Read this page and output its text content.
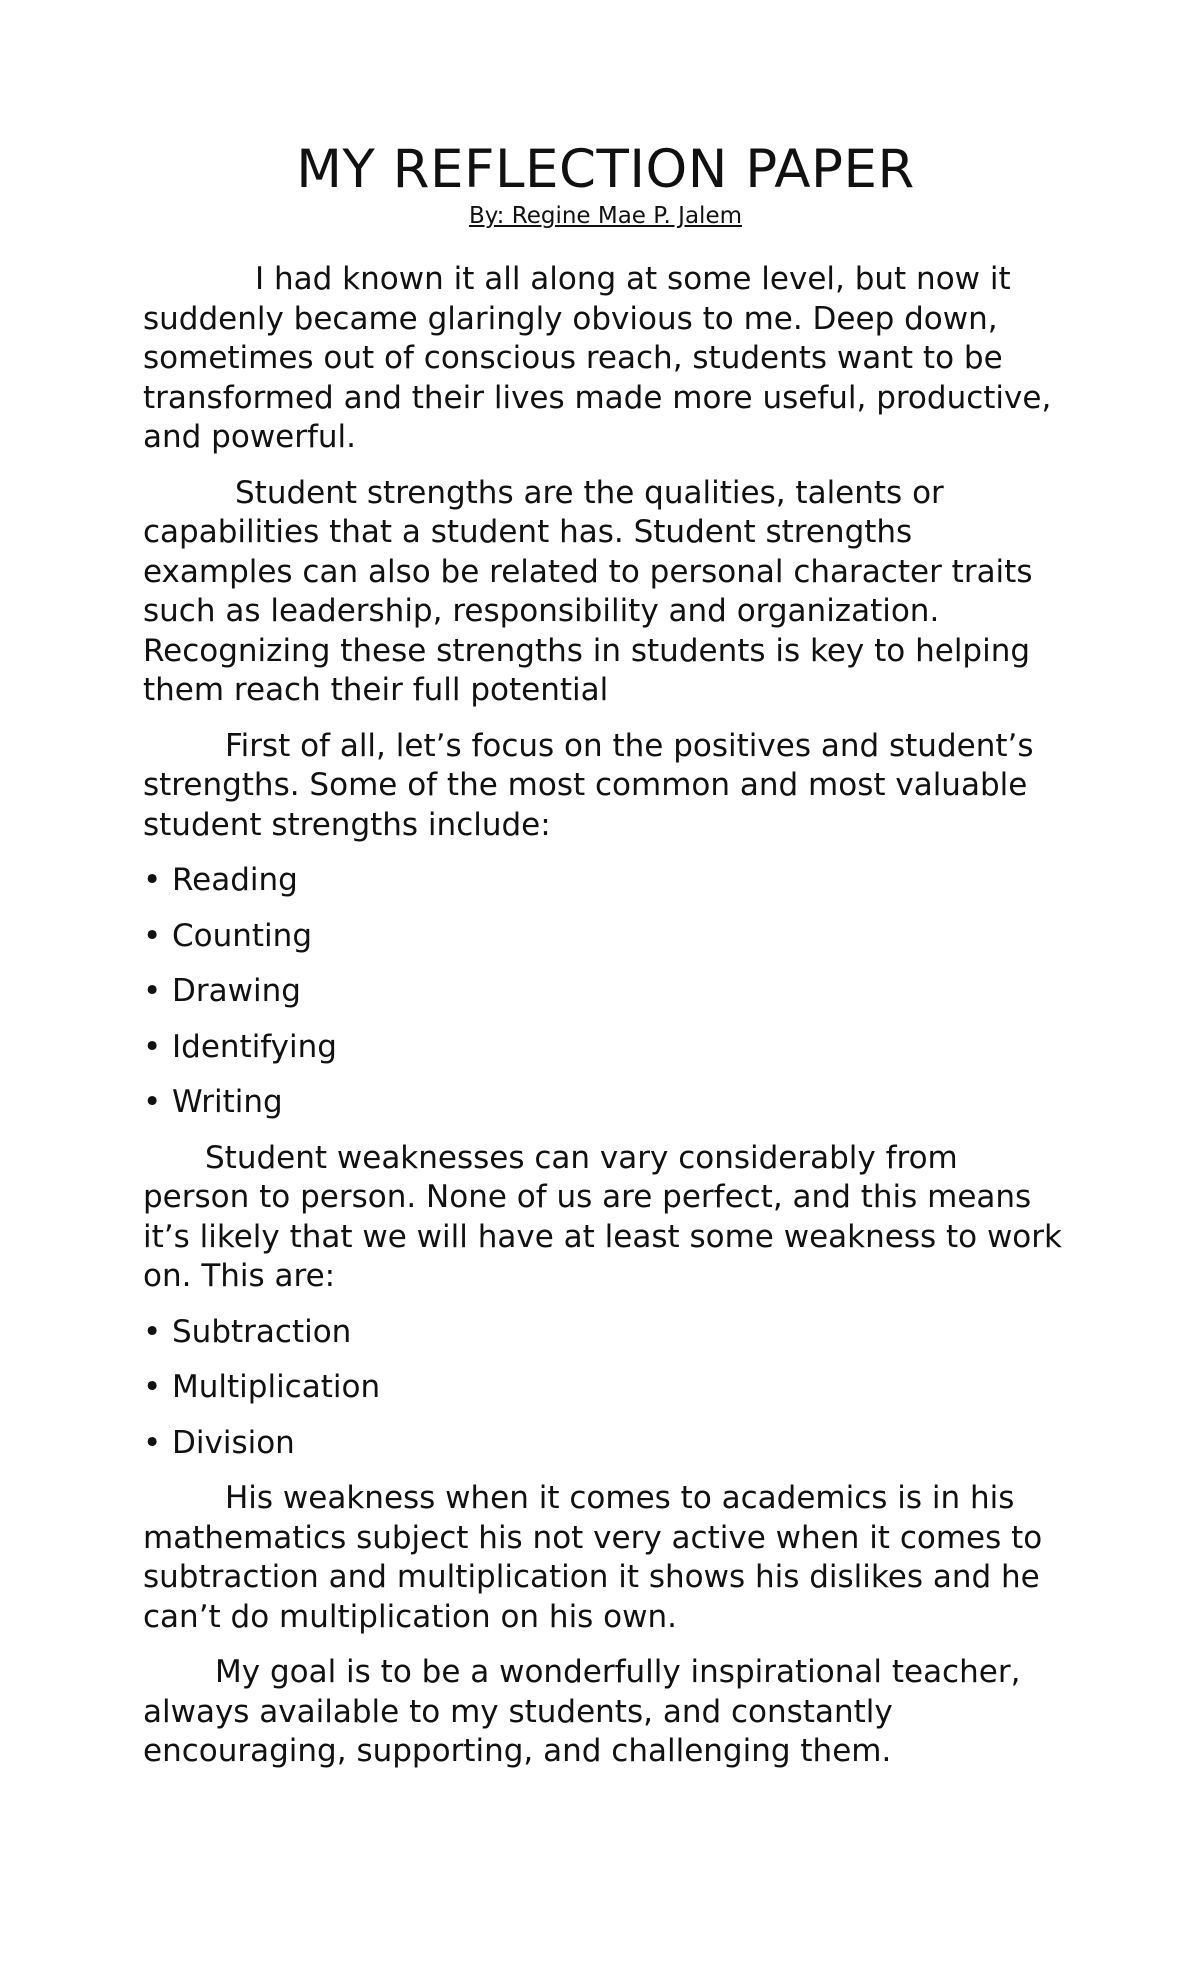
MY REFLECTION PAPER
By: Regine Mae P. Jalem

I had known it all along at some level, but now it suddenly became glaringly obvious to me. Deep down, sometimes out of conscious reach, students want to be transformed and their lives made more useful, productive, and powerful.

Student strengths are the qualities, talents or capabilities that a student has. Student strengths examples can also be related to personal character traits such as leadership, responsibility and organization. Recognizing these strengths in students is key to helping them reach their full potential

First of all, let’s focus on the positives and student’s strengths. Some of the most common and most valuable student strengths include:

• Reading
• Counting
• Drawing
• Identifying
• Writing

Student weaknesses can vary considerably from person to person. None of us are perfect, and this means it’s likely that we will have at least some weakness to work on. This are:

• Subtraction
• Multiplication
• Division

His weakness when it comes to academics is in his mathematics subject his not very active when it comes to subtraction and multiplication it shows his dislikes and he can’t do multiplication on his own.

My goal is to be a wonderfully inspirational teacher, always available to my students, and constantly encouraging, supporting, and challenging them.
